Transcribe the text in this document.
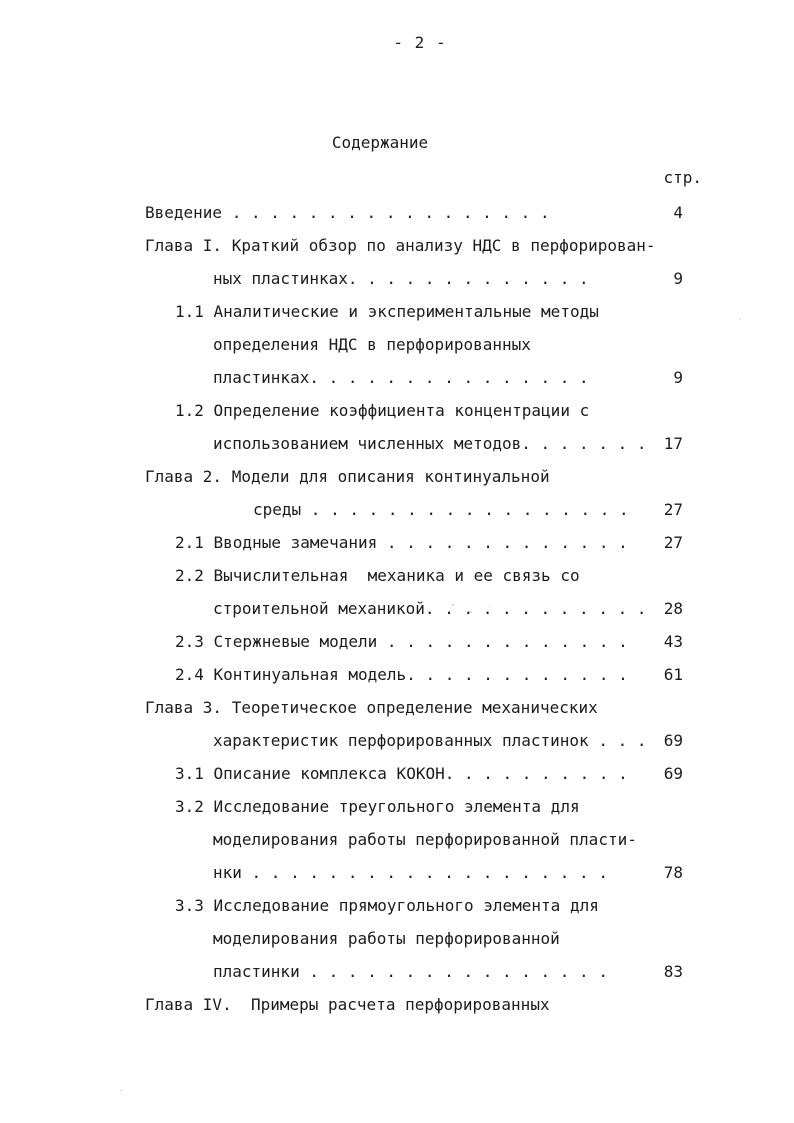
- 2 -
Содержание
стр.
Введение . . . . . . . . . . . . . . . . .	4
Глава I. Краткий обзор по анализу НДС в перфорирован-
ных пластинках. . . . . . . . . . . . .	9
1.1 Аналитические и экспериментальные методы
определения НДС в перфорированных
пластинках. . . . . . . . . . . . . . .	9
1.2 Определение коэффициента концентрации с
использованием численных методов. . . . . . .	17
Глава 2. Модели для описания континуальной
среды . . . . . . . . . . . . . . . . .	27
2.1 Вводные замечания . . . . . . . . . . . . .	27
2.2 Вычислительная  механика и ее связь со
строительной механикой. . . . . . . . . . . .	28
2.3 Стержневые модели . . . . . . . . . . . . .	43
2.4 Континуальная модель. . . . . . . . . . . .	61
Глава 3. Теоретическое определение механических
характеристик перфорированных пластинок . . .	69
3.1 Описание комплекса КОКОН. . . . . . . . . .	69
3.2 Исследование треугольного элемента для
моделирования работы перфорированной пласти-
нки . . . . . . . . . . . . . . . . . . .	78
3.3 Исследование прямоугольного элемента для
моделирования работы перфорированной
пластинки . . . . . . . . . . . . . . . .	83
Глава IV.  Примеры расчета перфорированных
